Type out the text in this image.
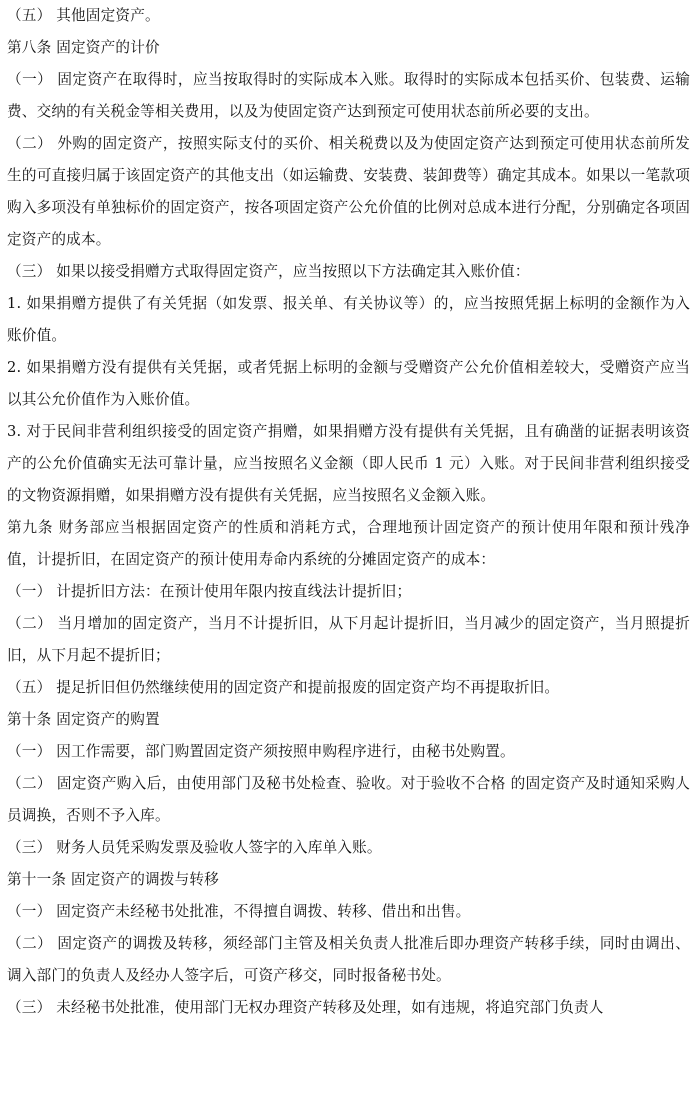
（五） 其他固定资产。

第八条 固定资产的计价

（一） 固定资产在取得时，应当按取得时的实际成本入账。取得时的实际成本包括买价、包装费、运输费、交纳的有关税金等相关费用，以及为使固定资产达到预定可使用状态前所必要的支出。

（二） 外购的固定资产，按照实际支付的买价、相关税费以及为使固定资产达到预定可使用状态前所发生的可直接归属于该固定资产的其他支出（如运输费、安装费、装卸费等）确定其成本。如果以一笔款项购入多项没有单独标价的固定资产，按各项固定资产公允价值的比例对总成本进行分配，分别确定各项固定资产的成本。

（三） 如果以接受捐赠方式取得固定资产，应当按照以下方法确定其入账价值：

1. 如果捐赠方提供了有关凭据（如发票、报关单、有关协议等）的，应当按照凭据上标明的金额作为入账价值。

2. 如果捐赠方没有提供有关凭据，或者凭据上标明的金额与受赠资产公允价值相差较大，受赠资产应当以其公允价值作为入账价值。

3. 对于民间非营利组织接受的固定资产捐赠，如果捐赠方没有提供有关凭据，且有确凿的证据表明该资产的公允价值确实无法可靠计量，应当按照名义金额（即人民币 1 元）入账。对于民间非营利组织接受的文物资源捐赠，如果捐赠方没有提供有关凭据，应当按照名义金额入账。

第九条 财务部应当根据固定资产的性质和消耗方式，合理地预计固定资产的预计使用年限和预计残净值，计提折旧，在固定资产的预计使用寿命内系统的分摊固定资产的成本：

（一） 计提折旧方法：在预计使用年限内按直线法计提折旧；

（二） 当月增加的固定资产，当月不计提折旧，从下月起计提折旧，当月减少的固定资产，当月照提折旧，从下月起不提折旧；

（五） 提足折旧但仍然继续使用的固定资产和提前报废的固定资产均不再提取折旧。

第十条 固定资产的购置

（一） 因工作需要，部门购置固定资产须按照申购程序进行，由秘书处购置。

（二） 固定资产购入后，由使用部门及秘书处检查、验收。对于验收不合格 的固定资产及时通知采购人员调换，否则不予入库。

（三） 财务人员凭采购发票及验收人签字的入库单入账。

第十一条 固定资产的调拨与转移

（一） 固定资产未经秘书处批准，不得擅自调拨、转移、借出和出售。

（二） 固定资产的调拨及转移，须经部门主管及相关负责人批准后即办理资产转移手续，同时由调出、调入部门的负责人及经办人签字后，可资产移交，同时报备秘书处。

（三） 未经秘书处批准，使用部门无权办理资产转移及处理，如有违规，将追究部门负责人
